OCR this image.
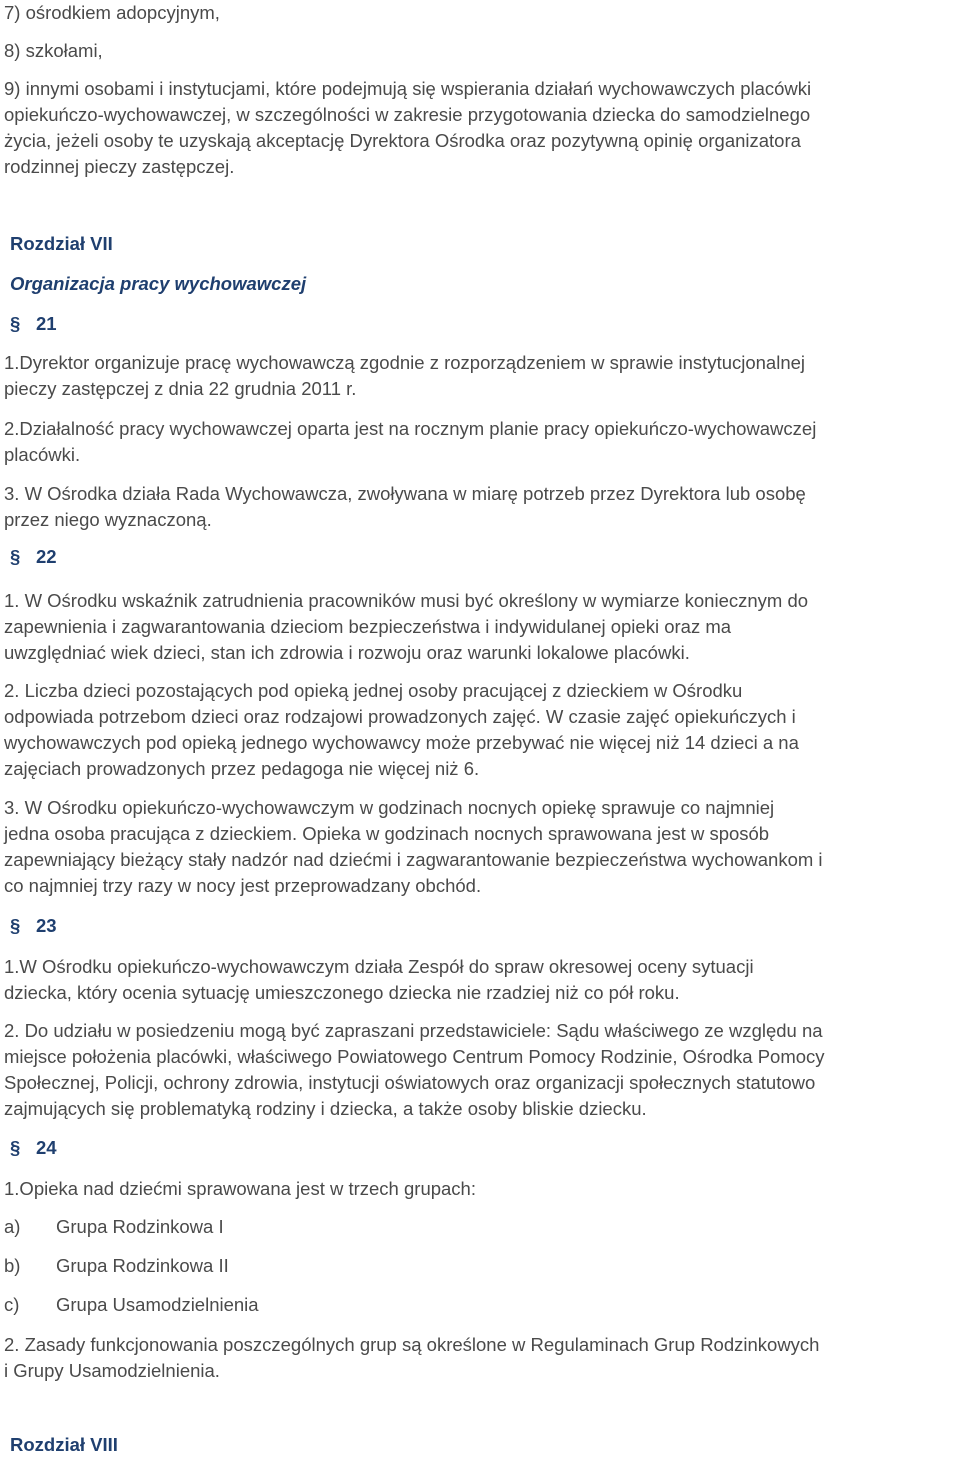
7) ośrodkiem adopcyjnym,
8) szkołami,
9) innymi osobami i instytucjami, które podejmują się wspierania działań wychowawczych placówki
opiekuńczo-wychowawczej, w szczególności w zakresie przygotowania dziecka do samodzielnego
życia, jeżeli osoby te uzyskają akceptację Dyrektora Ośrodka oraz pozytywną opinię organizatora
rodzinnej pieczy zastępczej.
Rozdział VII
Organizacja pracy wychowawczej
§ 21
1.Dyrektor organizuje pracę wychowawczą zgodnie z rozporządzeniem w sprawie instytucjonalnej
pieczy zastępczej z dnia 22 grudnia 2011 r.
2.Działalność pracy wychowawczej oparta jest na rocznym planie pracy opiekuńczo-wychowawczej
placówki.
3. W Ośrodka działa Rada Wychowawcza, zwoływana w miarę potrzeb przez Dyrektora lub osobę
przez niego wyznaczoną.
§ 22
1. W Ośrodku wskaźnik zatrudnienia pracowników musi być określony w wymiarze koniecznym do
zapewnienia i zagwarantowania dzieciom bezpieczeństwa i indywidulanej opieki oraz ma
uwzględniać wiek dzieci, stan ich zdrowia i rozwoju oraz warunki lokalowe placówki.
2. Liczba dzieci pozostających pod opieką jednej osoby pracującej z dzieckiem w Ośrodku
odpowiada potrzebom dzieci oraz rodzajowi prowadzonych zajęć. W czasie zajęć opiekuńczych i
wychowawczych pod opieką jednego wychowawcy może przebywać nie więcej niż 14 dzieci a na
zajęciach prowadzonych przez pedagoga nie więcej niż 6.
3. W Ośrodku opiekuńczo-wychowawczym w godzinach nocnych opiekę sprawuje co najmniej
jedna osoba pracująca z dzieckiem. Opieka w godzinach nocnych sprawowana jest w sposób
zapewniający bieżący stały nadzór nad dziećmi i zagwarantowanie bezpieczeństwa wychowankom i
co najmniej trzy razy w nocy jest przeprowadzany obchód.
§ 23
1.W Ośrodku opiekuńczo-wychowawczym działa Zespół do spraw okresowej oceny sytuacji
dziecka, który ocenia sytuację umieszczonego dziecka nie rzadziej niż co pół roku.
2. Do udziału w posiedzeniu mogą być zapraszani przedstawiciele: Sądu właściwego ze względu na
miejsce położenia placówki, właściwego Powiatowego Centrum Pomocy Rodzinie, Ośrodka Pomocy
Społecznej, Policji, ochrony zdrowia, instytucji oświatowych oraz organizacji społecznych statutowo
zajmujących się problematyką rodziny i dziecka, a także osoby bliskie dziecku.
§ 24
1.Opieka nad dziećmi sprawowana jest w trzech grupach:
a) Grupa Rodzinkowa I
b) Grupa Rodzinkowa II
c) Grupa Usamodzielnienia
2. Zasady funkcjonowania poszczególnych grup są określone w Regulaminach Grup Rodzinkowych
i Grupy Usamodzielnienia.
Rozdział VIII
